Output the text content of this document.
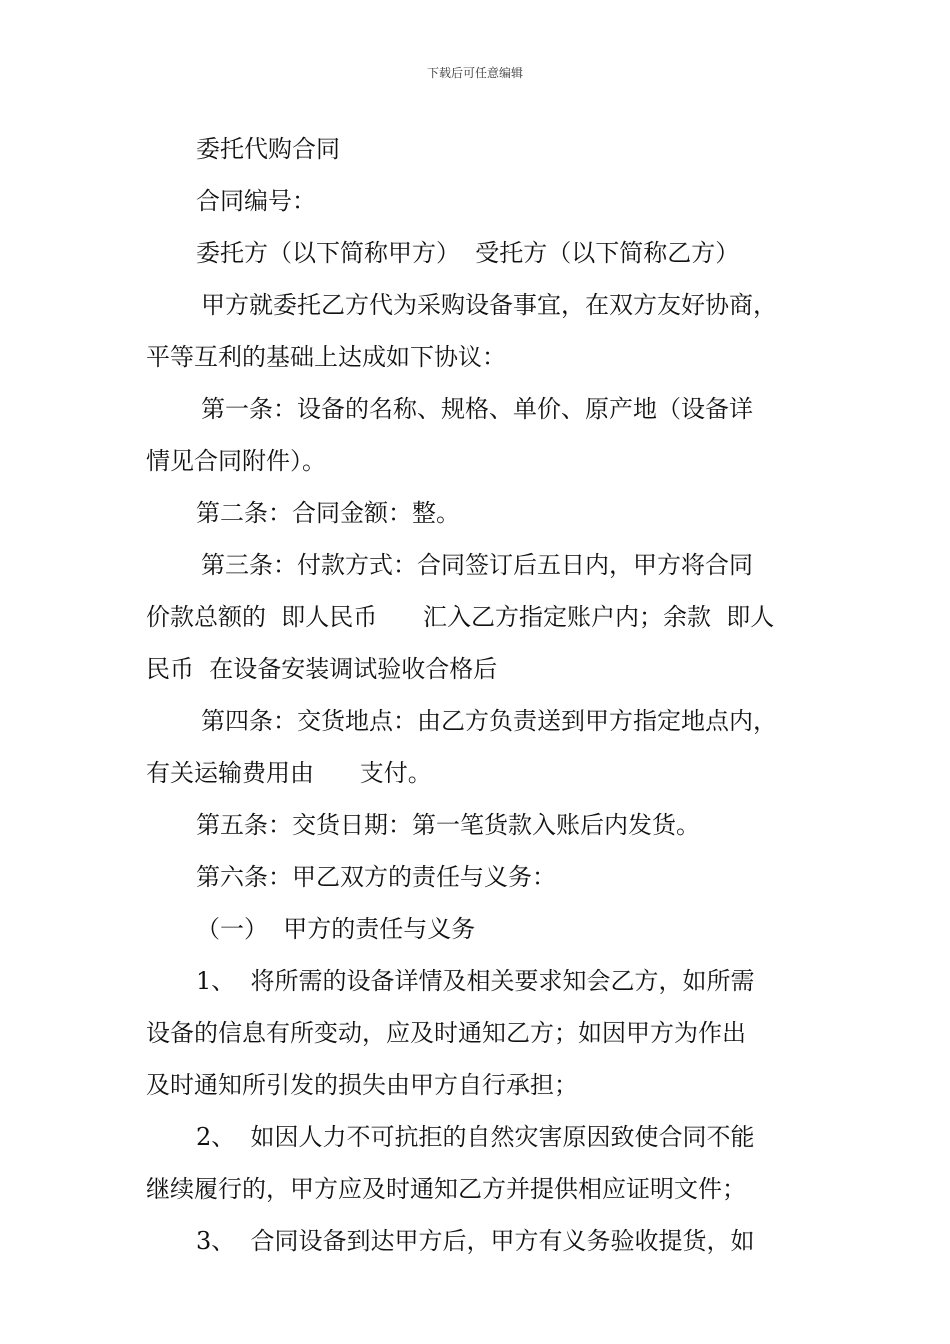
下载后可任意编辑
委托代购合同
合同编号：
委托方（以下简称甲方）  受托方（以下简称乙方）
甲方就委托乙方代为采购设备事宜，在双方友好协商，
平等互利的基础上达成如下协议：
第一条：设备的名称、规格、单价、原产地（设备详
情见合同附件）。
第二条：合同金额：整。
第三条：付款方式：合同签订后五日内，甲方将合同
价款总额的  即人民币      汇入乙方指定账户内；余款  即人
民币  在设备安装调试验收合格后
第四条：交货地点：由乙方负责送到甲方指定地点内，
有关运输费用由      支付。
第五条：交货日期：第一笔货款入账后内发货。
第六条：甲乙双方的责任与义务：
（一）  甲方的责任与义务
1、  将所需的设备详情及相关要求知会乙方，如所需
设备的信息有所变动，应及时通知乙方；如因甲方为作出
及时通知所引发的损失由甲方自行承担；
2、  如因人力不可抗拒的自然灾害原因致使合同不能
继续履行的，甲方应及时通知乙方并提供相应证明文件；
3、  合同设备到达甲方后，甲方有义务验收提货，如
